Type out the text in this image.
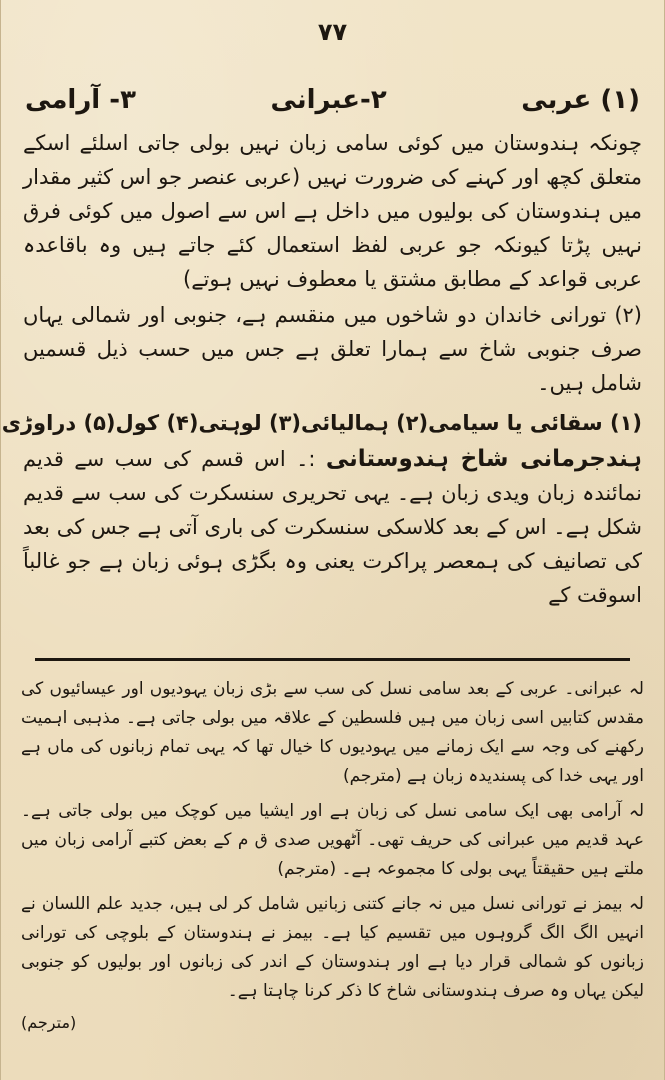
۷۷
(۱) عربی
۲-عبرانی
۳- آرامی

چونکہ ہندوستان میں کوئی سامی زبان نہیں بولی جاتی اسلئے اسکے متعلق کچھ اور کہنے کی ضرورت نہیں (عربی عنصر جو اس کثیر مقدار میں ہندوستان کی بولیوں میں داخل ہے اس سے اصول میں کوئی فرق نہیں پڑتا کیونکہ جو عربی لفظ استعمال کئے جاتے ہیں وہ باقاعدہ عربی قواعد کے مطابق مشتق یا معطوف نہیں ہوتے)

(۲) تورانی خاندان دو شاخوں میں منقسم ہے، جنوبی اور شمالی یہاں صرف جنوبی شاخ سے ہمارا تعلق ہے جس میں حسب ذیل قسمیں شامل ہیں۔

(۱) سقائی یا سیامی
(۲) ہمالیائی
(۳) لوہتی
(۴) کول
(۵) دراوڑی

ہندجرمانی شاخ ہندوستانی :۔ اس قسم کی سب سے قدیم نمائندہ زبان ویدی زبان ہے۔ یہی تحریری سنسکرت کی سب سے قدیم شکل ہے۔ اس کے بعد کلاسکی سنسکرت کی باری آتی ہے جس کی بعد کی تصانیف کی ہمعصر پراکرت یعنی وہ بگڑی ہوئی زبان ہے جو غالباً اسوقت کے

لہ عبرانی۔ عربی کے بعد سامی نسل کی سب سے بڑی زبان یہودیوں اور عیسائیوں کی مقدس کتابیں اسی زبان میں ہیں فلسطین کے علاقہ میں بولی جاتی ہے۔ مذہبی اہمیت رکھنے کی وجہ سے ایک زمانے میں یہودیوں کا خیال تھا کہ یہی تمام زبانوں کی ماں ہے اور یہی خدا کی پسندیدہ زبان ہے (مترجم)

لہ آرامی بھی ایک سامی نسل کی زبان ہے اور ایشیا میں کوچک میں بولی جاتی ہے۔ عہد قدیم میں عبرانی کی حریف تھی۔ آٹھویں صدی ق م کے بعض کتبے آرامی زبان میں ملتے ہیں حقیقتاً یہی بولی کا مجموعہ ہے۔ (مترجم)

لہ بیمز نے تورانی نسل میں نہ جانے کتنی زبانیں شامل کر لی ہیں، جدید علم اللسان نے انہیں الگ الگ گروہوں میں تقسیم کیا ہے۔ بیمز نے ہندوستان کے بلوچی کی تورانی زبانوں کو شمالی قرار دیا ہے اور ہندوستان کے اندر کی زبانوں اور بولیوں کو جنوبی لیکن یہاں وہ صرف ہندوستانی شاخ کا ذکر کرنا چاہتا ہے۔

(مترجم)
